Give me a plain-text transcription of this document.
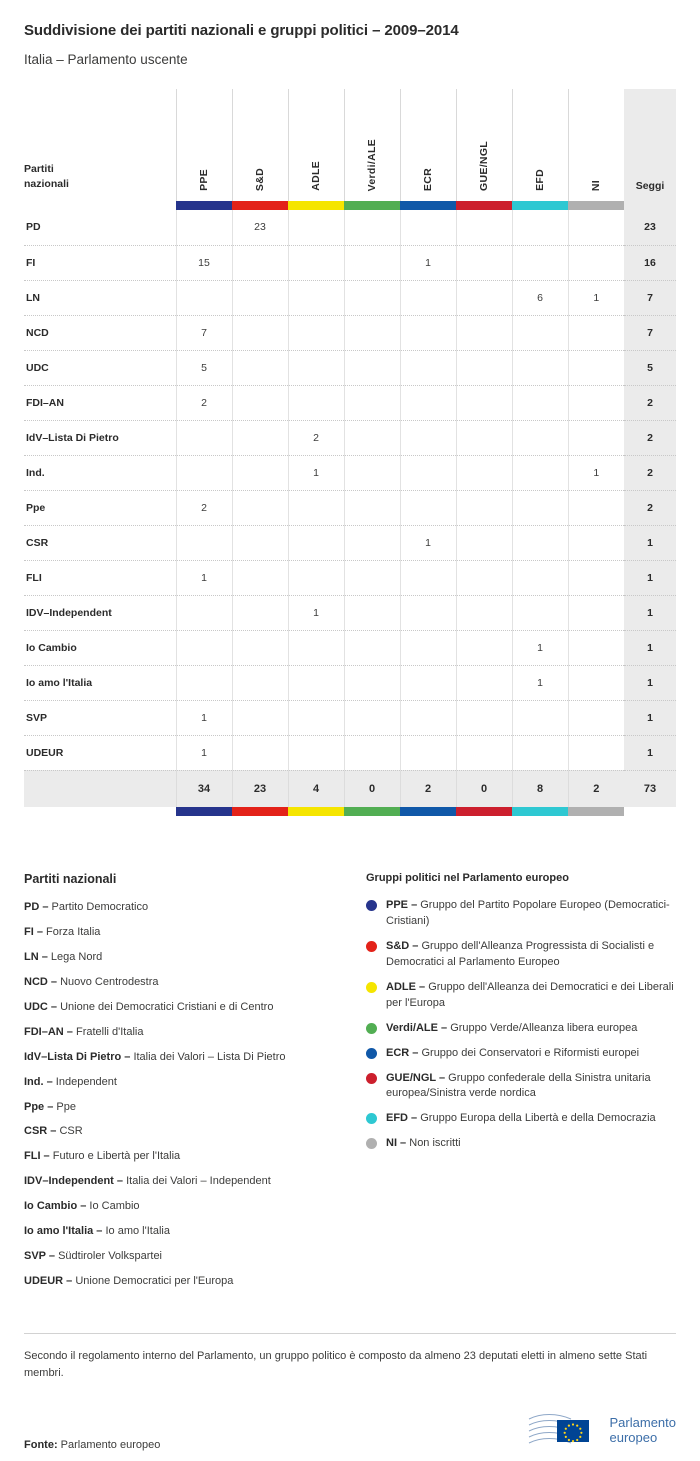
Suddivisione dei partiti nazionali e gruppi politici – 2009–2014
Italia – Parlamento uscente
Partiti
nazionali	PPE	S&D	ADLE	Verdi/ALE	ECR	GUE/NGL	EFD	NI	Seggi

PD		23							23
FI	15				1				16
LN							6	1	7
NCD	7								7
UDC	5								5
FDI–AN	2								2
IdV–Lista Di Pietro			2						2
Ind.			1					1	2
Ppe	2								2
CSR					1				1
FLI	1								1
IDV–Independent			1						1
Io Cambio							1		1
Io amo l'Italia							1		1
SVP	1								1
UDEUR	1								1
	34	23	4	0	2	0	8	2	73

Partiti nazionali
PD – Partito Democratico
FI – Forza Italia
LN – Lega Nord
NCD – Nuovo Centrodestra
UDC – Unione dei Democratici Cristiani e di Centro
FDI–AN – Fratelli d'Italia
IdV–Lista Di Pietro – Italia dei Valori – Lista Di Pietro
Ind. – Independent
Ppe – Ppe
CSR – CSR
FLI – Futuro e Libertà per l'Italia
IDV–Independent – Italia dei Valori – Independent
Io Cambio – Io Cambio
Io amo l'Italia – Io amo l'Italia
SVP – Südtiroler Volkspartei
UDEUR – Unione Democratici per l'Europa
Gruppi politici nel Parlamento europeo
PPE – Gruppo del Partito Popolare Europeo (Democratici-Cristiani)
S&D – Gruppo dell'Alleanza Progressista di Socialisti e Democratici al Parlamento Europeo
ADLE – Gruppo dell'Alleanza dei Democratici e dei Liberali per l'Europa
Verdi/ALE – Gruppo Verde/Alleanza libera europea
ECR – Gruppo dei Conservatori e Riformisti europei
GUE/NGL – Gruppo confederale della Sinistra unitaria europea/Sinistra verde nordica
EFD – Gruppo Europa della Libertà e della Democrazia
NI – Non iscritti
Secondo il regolamento interno del Parlamento, un gruppo politico è composto da almeno 23 deputati eletti in almeno sette Stati membri.
Fonte: Parlamento europeo
Parlamento
europeo
